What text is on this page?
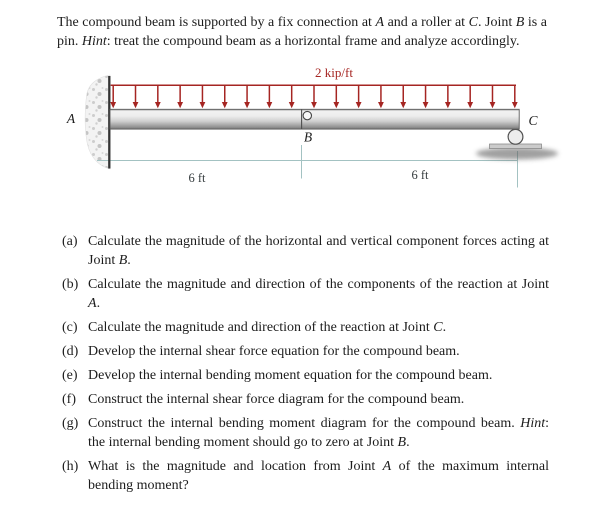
The compound beam is supported by a fix connection at A and a roller at C. Joint B is a pin. Hint: treat the compound beam as a horizontal frame and analyze accordingly.

2 kip/ft
A
B
C
6 ft	6 ft
(a) Calculate the magnitude of the horizontal and vertical component forces acting at Joint B.
(b) Calculate the magnitude and direction of the components of the reaction at Joint A.
(c) Calculate the magnitude and direction of the reaction at Joint C.
(d) Develop the internal shear force equation for the compound beam.
(e) Develop the internal bending moment equation for the compound beam.
(f) Construct the internal shear force diagram for the compound beam.
(g) Construct the internal bending moment diagram for the compound beam. Hint: the internal bending moment should go to zero at Joint B.
(h) What is the magnitude and location from Joint A of the maximum internal bending moment?
